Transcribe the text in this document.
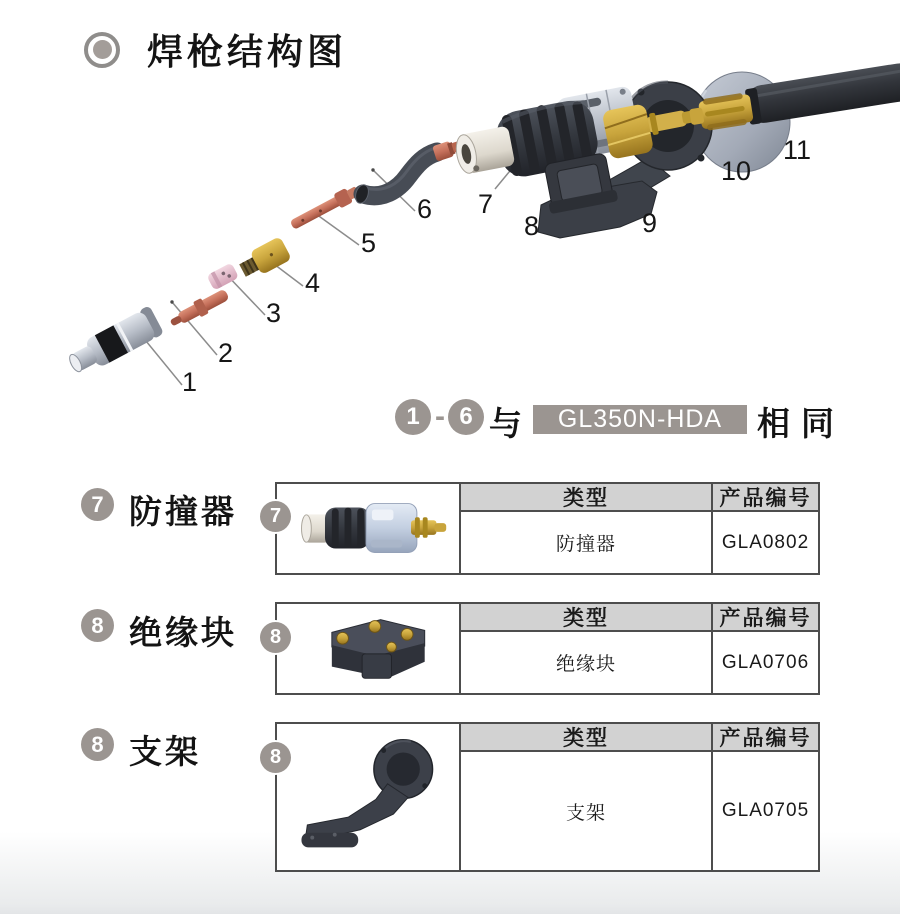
焊枪结构图
1
2
3
4
5
6 7
8	9
10
11
1 - 6 与	GL350N-HDA	相同
7 防撞器	7
类型	产品编号
防撞器	GLA0802
8 绝缘块	8
类型	产品编号
绝缘块	GLA0706
8 支架	8
类型	产品编号
支架	GLA0705
